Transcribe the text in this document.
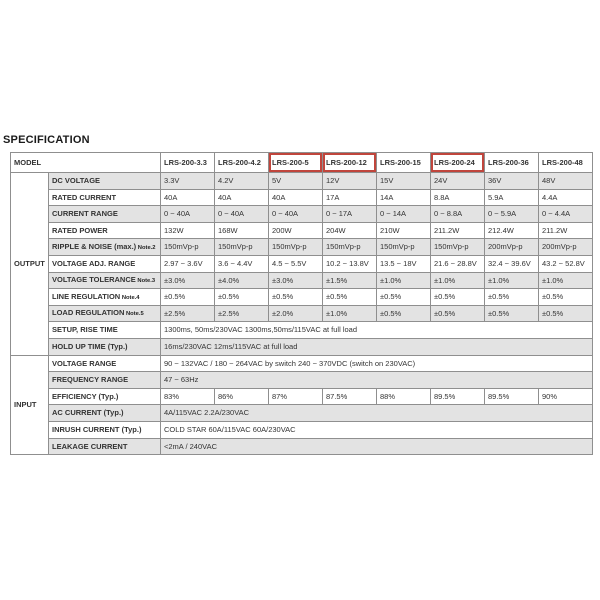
SPECIFICATION
MODEL		LRS-200-3.3	LRS-200-4.2	LRS-200-5	LRS-200-12	LRS-200-15	LRS-200-24	LRS-200-36	LRS-200-48
OUTPUT	DC VOLTAGE	3.3V	4.2V	5V	12V	15V	24V	36V	48V
	RATED CURRENT	40A	40A	40A	17A	14A	8.8A	5.9A	4.4A
	CURRENT RANGE	0 ~ 40A	0 ~ 40A	0 ~ 40A	0 ~ 17A	0 ~ 14A	0 ~ 8.8A	0 ~ 5.9A	0 ~ 4.4A
	RATED POWER	132W	168W	200W	204W	210W	211.2W	212.4W	211.2W
	RIPPLE & NOISE (max.) Note.2	150mVp-p	150mVp-p	150mVp-p	150mVp-p	150mVp-p	150mVp-p	200mVp-p	200mVp-p
	VOLTAGE ADJ. RANGE	2.97 ~ 3.6V	3.6 ~ 4.4V	4.5 ~ 5.5V	10.2 ~ 13.8V	13.5 ~ 18V	21.6 ~ 28.8V	32.4 ~ 39.6V	43.2 ~ 52.8V
	VOLTAGE TOLERANCE Note.3	±3.0%	±4.0%	±3.0%	±1.5%	±1.0%	±1.0%	±1.0%	±1.0%
	LINE REGULATION Note.4	±0.5%	±0.5%	±0.5%	±0.5%	±0.5%	±0.5%	±0.5%	±0.5%
	LOAD REGULATION Note.5	±2.5%	±2.5%	±2.0%	±1.0%	±0.5%	±0.5%	±0.5%	±0.5%
	SETUP, RISE TIME	1300ms, 50ms/230VAC 1300ms,50ms/115VAC at full load							
	HOLD UP TIME (Typ.)	16ms/230VAC 12ms/115VAC at full load							
INPUT	VOLTAGE RANGE	90 ~ 132VAC / 180 ~ 264VAC by switch 240 ~ 370VDC (switch on 230VAC)							
	FREQUENCY RANGE	47 ~ 63Hz							
	EFFICIENCY (Typ.)	83%	86%	87%	87.5%	88%	89.5%	89.5%	90%
	AC CURRENT (Typ.)	4A/115VAC 2.2A/230VAC							
	INRUSH CURRENT (Typ.)	COLD STAR 60A/115VAC 60A/230VAC							
	LEAKAGE CURRENT	<2mA / 240VAC							
